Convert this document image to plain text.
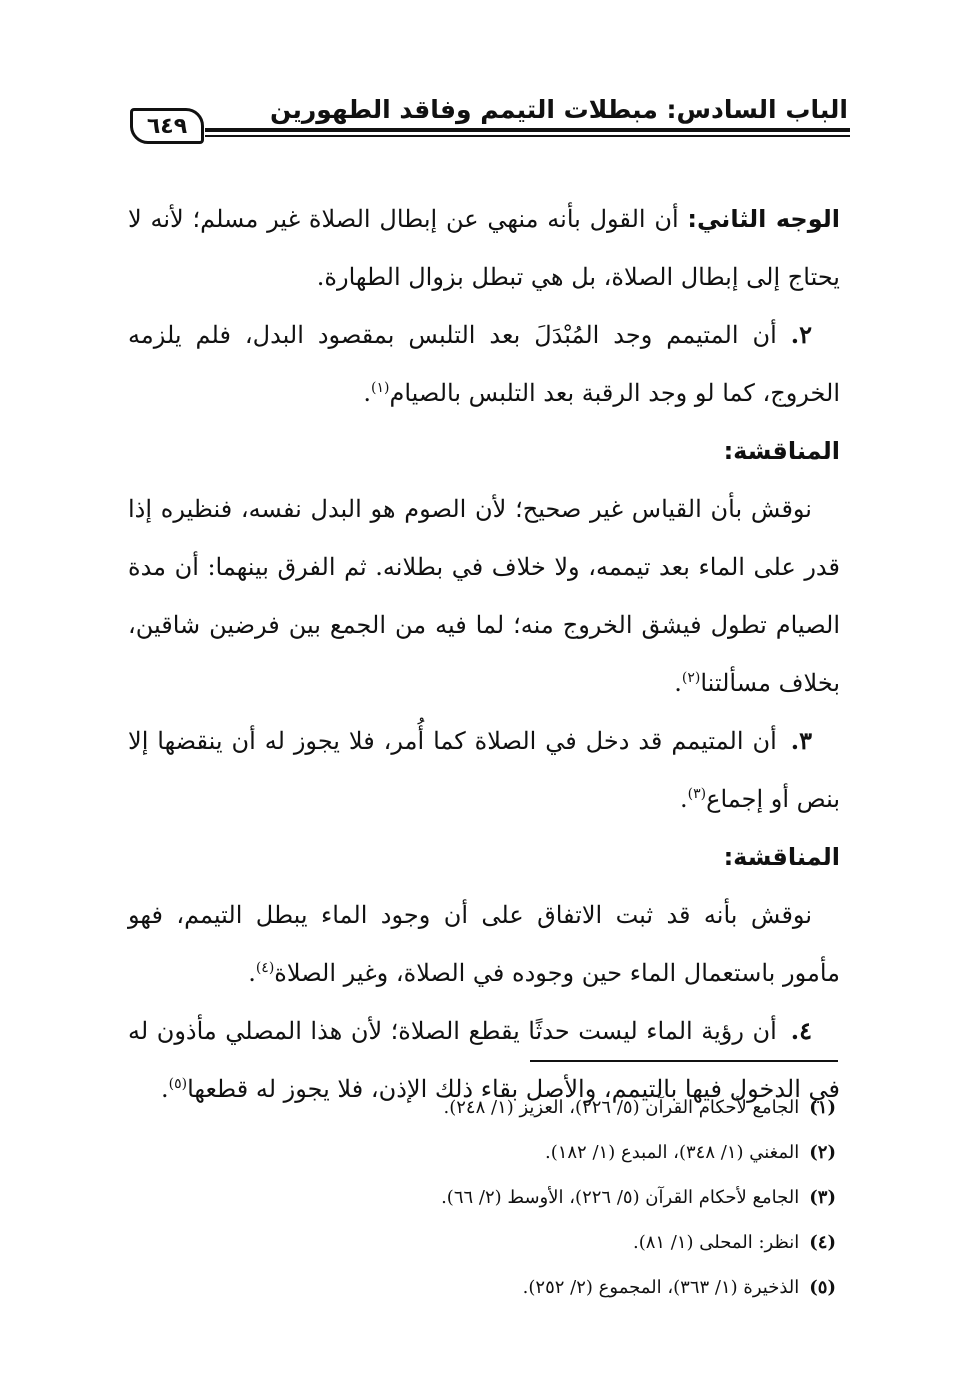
الباب السادس: مبطلات التيمم وفاقد الطهورين
٦٤٩

الوجه الثاني: أن القول بأنه منهي عن إبطال الصلاة غير مسلم؛ لأنه لا يحتاج إلى إبطال الصلاة، بل هي تبطل بزوال الطهارة.

٢.أن المتيمم وجد المُبْدَلَ بعد التلبس بمقصود البدل، فلم يلزمه الخروج، كما لو وجد الرقبة بعد التلبس بالصيام$^{(١)}$.

المناقشة:

نوقش بأن القياس غير صحيح؛ لأن الصوم هو البدل نفسه، فنظيره إذا قدر على الماء بعد تيممه، ولا خلاف في بطلانه. ثم الفرق بينهما: أن مدة الصيام تطول فيشق الخروج منه؛ لما فيه من الجمع بين فرضين شاقين، بخلاف مسألتنا$^{(٢)}$.

٣.أن المتيمم قد دخل في الصلاة كما أُمر، فلا يجوز له أن ينقضها إلا بنص أو إجماع$^{(٣)}$.

المناقشة:

نوقش بأنه قد ثبت الاتفاق على أن وجود الماء يبطل التيمم، فهو مأمور باستعمال الماء حين وجوده في الصلاة، وغير الصلاة$^{(٤)}$.

٤.أن رؤية الماء ليست حدثًا يقطع الصلاة؛ لأن هذا المصلي مأذون له في الدخول فيها بالتيمم، والأصل بقاء ذلك الإذن، فلا يجوز له قطعها$^{(٥)}$.

(١)الجامع لأحكام القرآن (٥/ ٢٢٦)، العزيز (١/ ٢٤٨).
(٢)المغني (١/ ٣٤٨)، المبدع (١/ ١٨٢).
(٣)الجامع لأحكام القرآن (٥/ ٢٢٦)، الأوسط (٢/ ٦٦).
(٤)انظر: المحلى (١/ ٨١).
(٥)الذخيرة (١/ ٣٦٣)، المجموع (٢/ ٢٥٢).
